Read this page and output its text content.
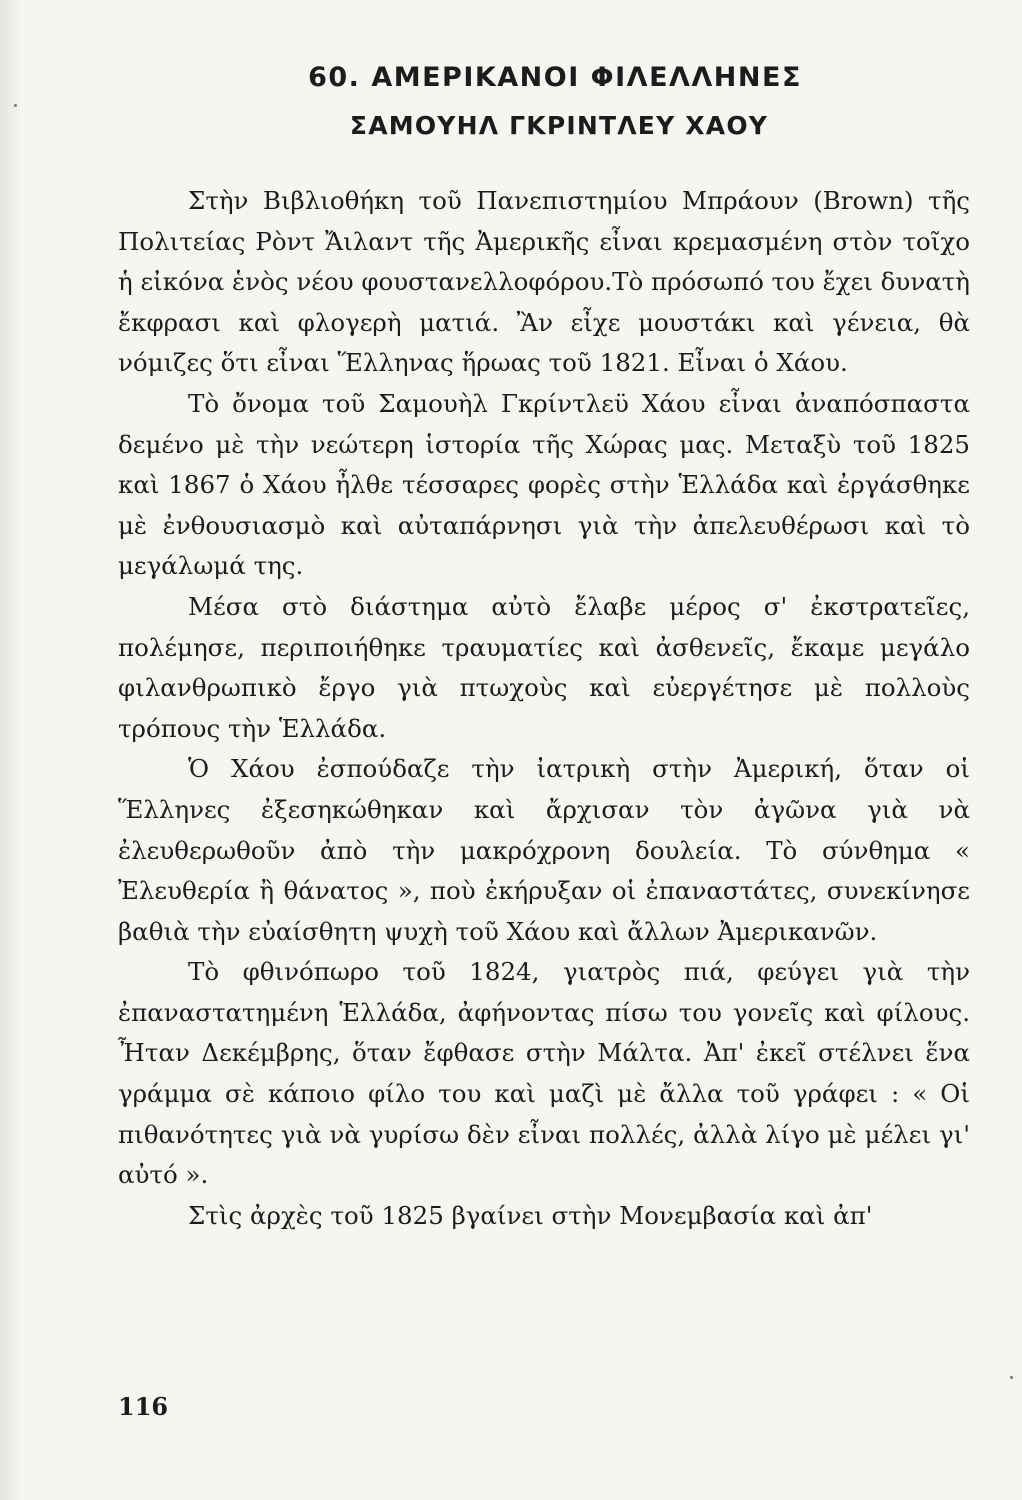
60. ΑΜΕΡΙΚΑΝΟΙ ΦΙΛΕΛΛΗΝΕΣ
ΣΑΜΟΥΗΛ ΓΚΡΙΝΤΛΕΥ ΧΑΟΥ

Στὴν Βιβλιοθήκη τοῦ Πανεπιστημίου Μπράουν (Brown) τῆς Πολιτείας Ρὸντ Ἄιλαντ τῆς Ἀμερικῆς εἶναι κρεμασμένη στὸν τοῖχο ἡ εἰκόνα ἑνὸς νέου φουστανελλοφόρου.Τὸ πρόσωπό του ἔχει δυνατὴ ἔκφρασι καὶ φλογερὴ ματιά. Ἂν εἶχε μουστάκι καὶ γένεια, θὰ νόμιζες ὅτι εἶναι Ἕλληνας ἥρωας τοῦ 1821. Εἶναι ὁ Χάου.

Τὸ ὄνομα τοῦ Σαμουὴλ Γκρίντλεϋ Χάου εἶναι ἀναπόσπαστα δεμένο μὲ τὴν νεώτερη ἱστορία τῆς Χώρας μας. Μεταξὺ τοῦ 1825 καὶ 1867 ὁ Χάου ἦλθε τέσσαρες φορὲς στὴν Ἑλλάδα καὶ ἐργάσθηκε μὲ ἐνθουσιασμὸ καὶ αὐταπάρνησι γιὰ τὴν ἀπελευθέρωσι καὶ τὸ μεγάλωμά της.

Μέσα στὸ διάστημα αὐτὸ ἔλαβε μέρος σ' ἐκστρατεῖες, πολέμησε, περιποιήθηκε τραυματίες καὶ ἀσθενεῖς, ἔκαμε μεγάλο φιλανθρωπικὸ ἔργο γιὰ πτωχοὺς καὶ εὐεργέτησε μὲ πολλοὺς τρόπους τὴν Ἑλλάδα.

Ὁ Χάου ἐσπούδαζε τὴν ἰατρικὴ στὴν Ἀμερική, ὅταν οἱ Ἕλληνες ἐξεσηκώθηκαν καὶ ἄρχισαν τὸν ἀγῶνα γιὰ νὰ ἐλευθερωθοῦν ἀπὸ τὴν μακρόχρονη δουλεία. Τὸ σύνθημα « Ἐλευθερία ἢ θάνατος », ποὺ ἐκήρυξαν οἱ ἐπαναστάτες, συνεκίνησε βαθιὰ τὴν εὐαίσθητη ψυχὴ τοῦ Χάου καὶ ἄλλων Ἀμερικανῶν.

Τὸ φθινόπωρο τοῦ 1824, γιατρὸς πιά, φεύγει γιὰ τὴν ἐπαναστατημένη Ἑλλάδα, ἀφήνοντας πίσω του γονεῖς καὶ φίλους. Ἦταν Δεκέμβρης, ὅταν ἔφθασε στὴν Μάλτα. Ἀπ' ἐκεῖ στέλνει ἕνα γράμμα σὲ κάποιο φίλο του καὶ μαζὶ μὲ ἄλλα τοῦ γράφει : « Οἱ πιθανότητες γιὰ νὰ γυρίσω δὲν εἶναι πολλές, ἀλλὰ λίγο μὲ μέλει γι' αὐτό ».

Στὶς ἀρχὲς τοῦ 1825 βγαίνει στὴν Μονεμβασία καὶ ἀπ'

116
